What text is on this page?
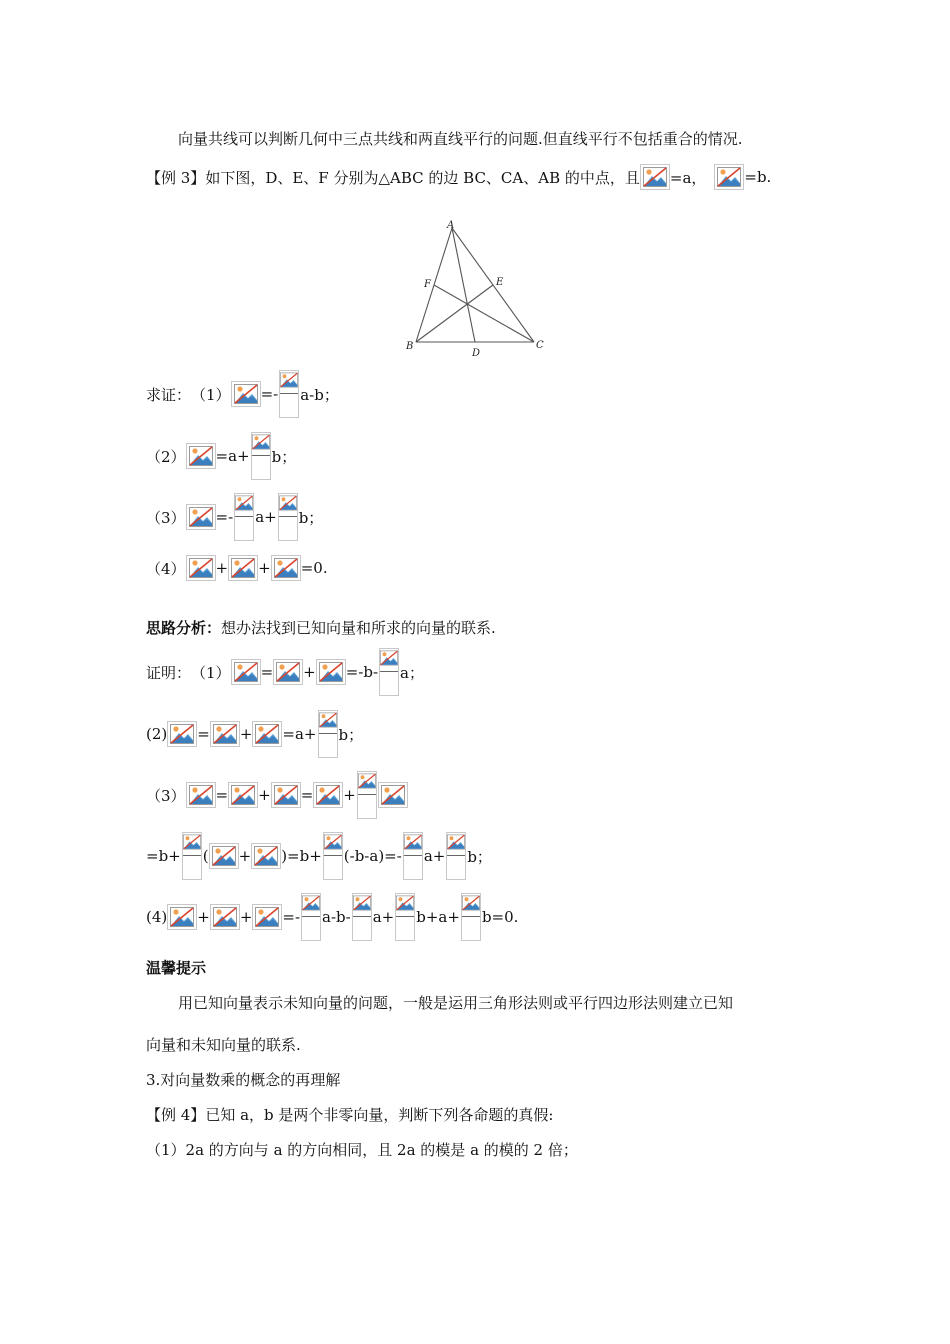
向量共线可以判断几何中三点共线和两直线平行的问题.但直线平行不包括重合的情况.
【例 3】 如下图，D、E、F 分别为△ABC 的边 BC、CA、AB 的中点，且 =a，	=b.
A
B	C
D
E
F
求证： （1） =- a-b；
（2） =a+ b；
（3） =- a+ b；
（4） + + =0.
思路分析： 想办法找到已知向量和所求的向量的联系.
证明： （1） = + =-b- a；
(2) = + =a+ b；
（3） = + = +
=b+ ( + )=b+ (-b-a)=- a+ b；
(4) + + =- a-b- a+ b+a+ b=0.
温馨提示
用已知向量表示未知向量的问题，一般是运用三角形法则或平行四边形法则建立已知
向量和未知向量的联系.
3.对向量数乘的概念的再理解
【例 4】 已知 a，b 是两个非零向量，判断下列各命题的真假:
（1）2a 的方向与 a 的方向相同，且 2a 的模是 a 的模的 2 倍；
